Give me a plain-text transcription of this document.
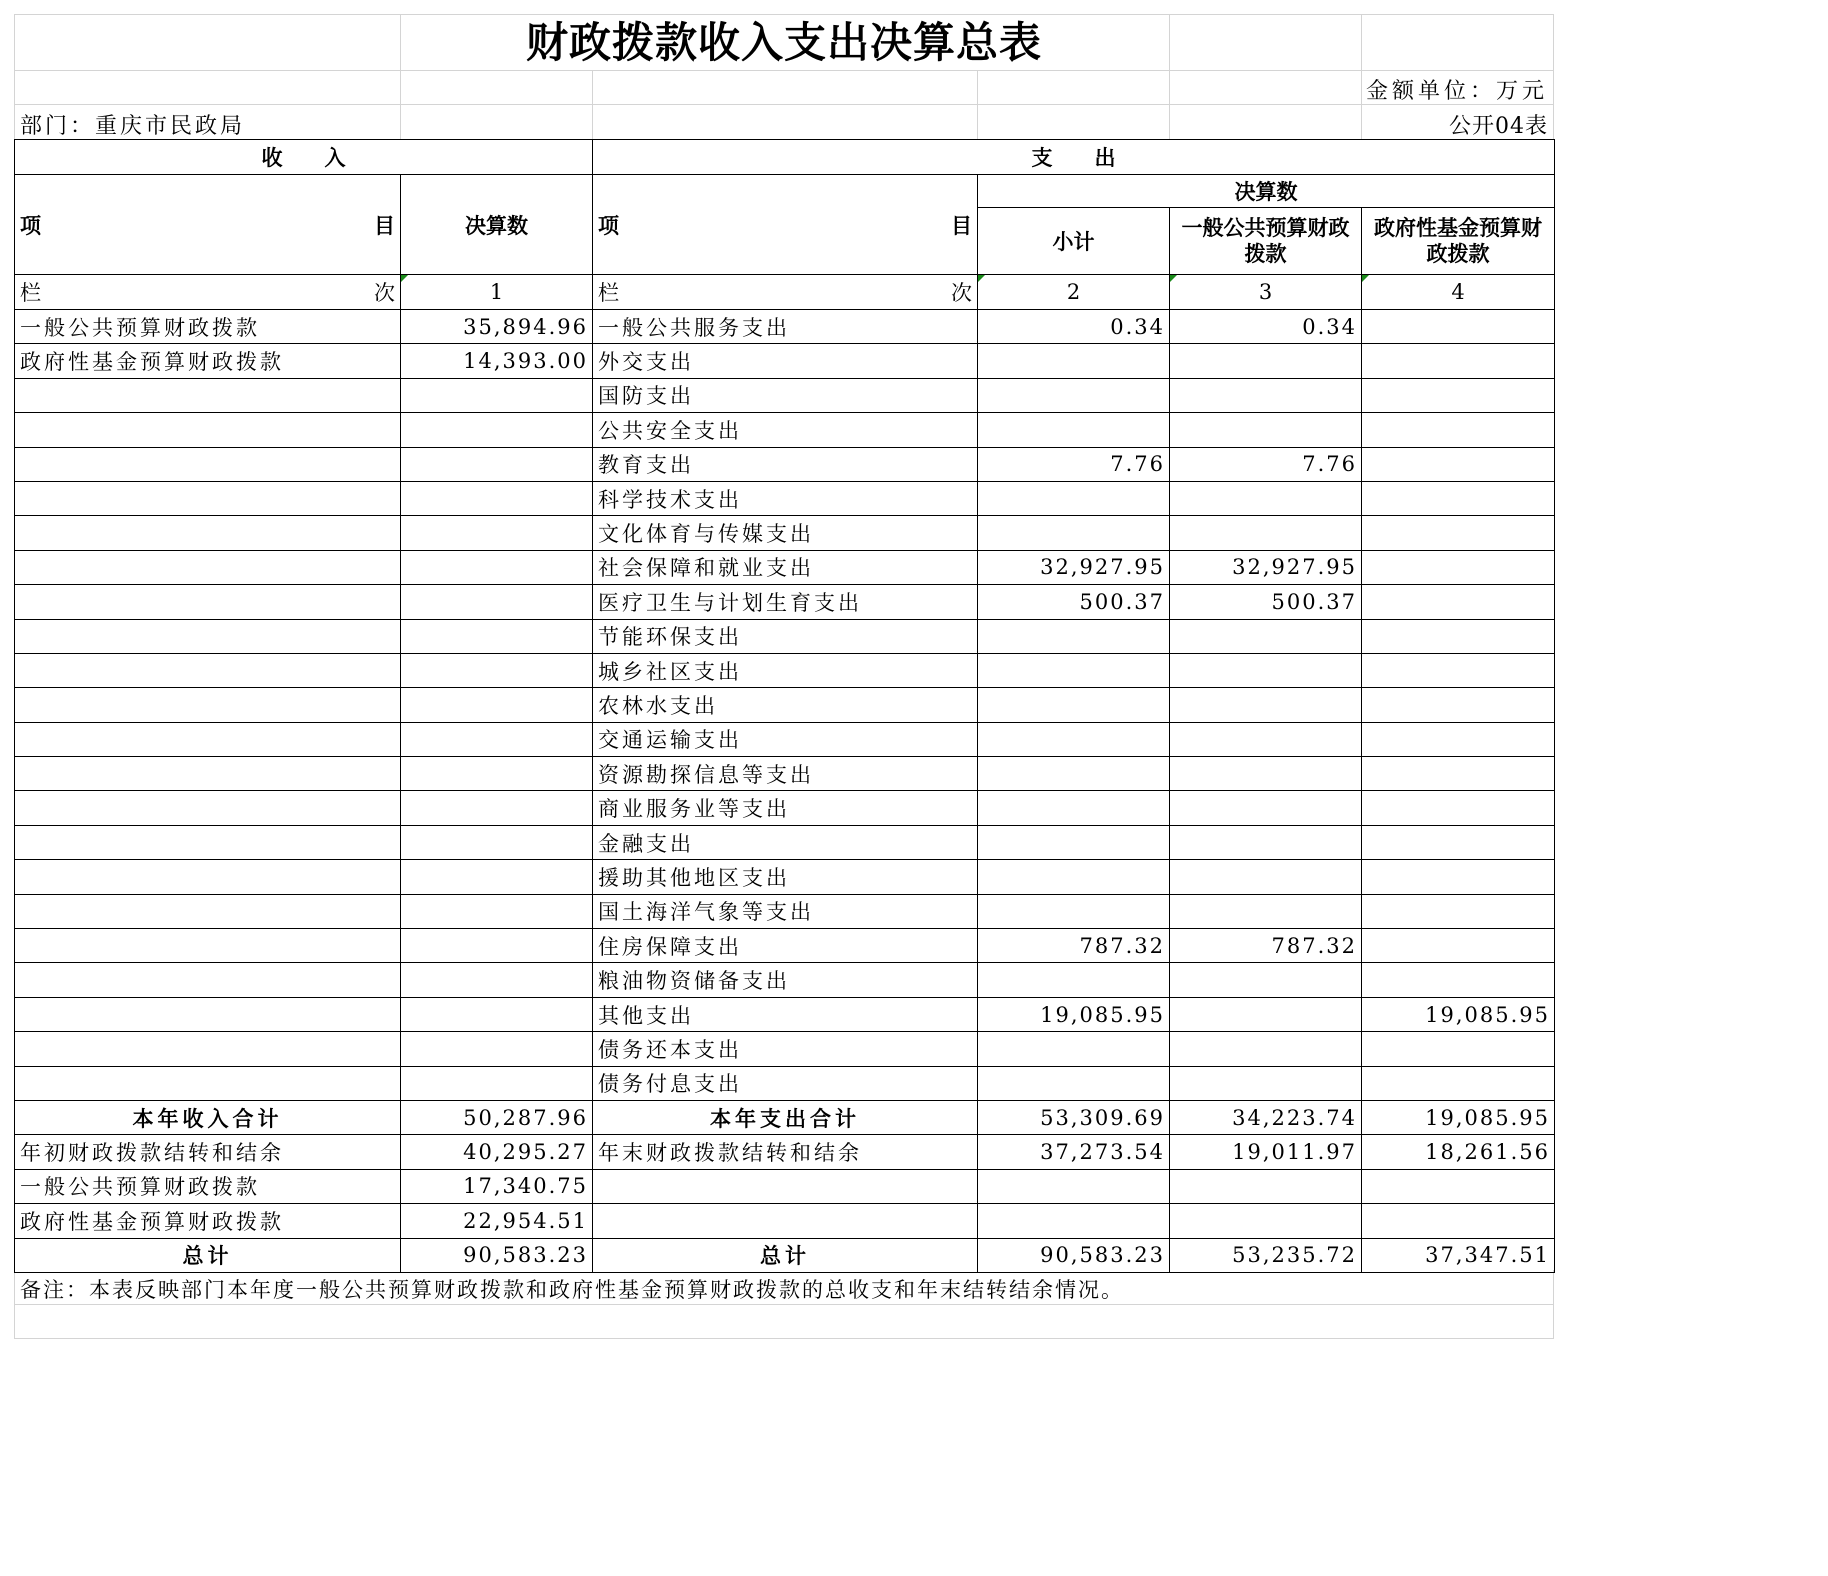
财政拨款收入支出决算总表
金额单位：万元
部门：重庆市民政局	公开04表
收　　入		支　　出			

项 目	决算数	项 目	决算数		
			小计	一般公共预算财政拨款	政府性基金预算财政拨款

栏 次	1	栏 次	2	3	4
一般公共预算财政拨款	35,894.96	一般公共服务支出	0.34	0.34	
政府性基金预算财政拨款	14,393.00	外交支出			
		国防支出			
		公共安全支出			
		教育支出	7.76	7.76	
		科学技术支出			
		文化体育与传媒支出			
		社会保障和就业支出	32,927.95	32,927.95	
		医疗卫生与计划生育支出	500.37	500.37	
		节能环保支出			
		城乡社区支出			
		农林水支出			
		交通运输支出			
		资源勘探信息等支出			
		商业服务业等支出			
		金融支出			
		援助其他地区支出			
		国土海洋气象等支出			
		住房保障支出	787.32	787.32	
		粮油物资储备支出			
		其他支出	19,085.95		19,085.95
		债务还本支出			
		债务付息支出			
本年收入合计	50,287.96	本年支出合计	53,309.69	34,223.74	19,085.95
年初财政拨款结转和结余	40,295.27	年末财政拨款结转和结余	37,273.54	19,011.97	18,261.56
一般公共预算财政拨款	17,340.75				
政府性基金预算财政拨款	22,954.51				
总计	90,583.23	总计	90,583.23	53,235.72	37,347.51
备注：本表反映部门本年度一般公共预算财政拨款和政府性基金预算财政拨款的总收支和年末结转结余情况。
